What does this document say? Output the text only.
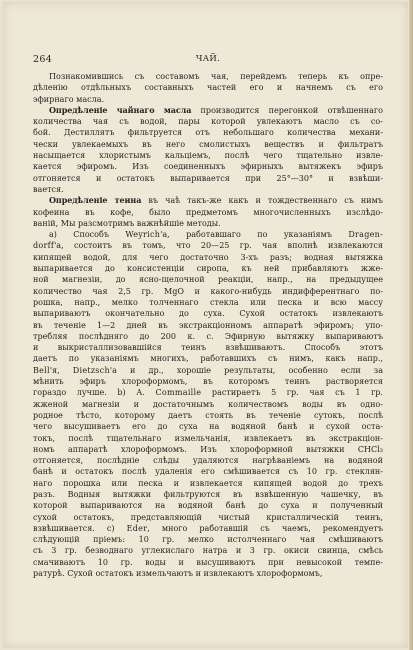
264	ЧАЙ.
Познакомившись съ составомъ чая, перейдемъ теперь къ опре-
дѣленію отдѣльныхъ составныхъ частей его и начнемъ съ его
эфирнаго масла.
Опредѣленіе чайнаго масла производится перегонкой отвѣшеннаго
количества чая съ водой, пары которой увлекаютъ масло съ со-
бой. Дестиллятъ фильтруется отъ небольшаго количества механи-
чески увлекаемыхъ въ него смолистыхъ веществъ и фильтратъ
насыщается хлористымъ кальціемъ, послѣ чего тщательно извле-
кается эфиромъ. Изъ соединенныхъ эфирныхъ вытяжекъ эфиръ
отгоняется и остатокъ выпаривается при 25°—30° и взвѣши-
вается.
Опредѣленіе теина въ чаѣ такъ-же какъ и тождественнаго съ нимъ
кофеина въ кофе, было предметомъ многочисленныхъ изслѣдо-
ваній, Мы разсмотримъ важнѣйшіе методы.
а) Способъ Weyrich'а, работавшаго по указаніямъ Dragen-
dorff'а, состоитъ въ томъ, что 20—25 гр. чая вполнѣ извлекаются
кипящей водой, для чего достаточно 3-хъ разъ; водная вытяжка
выпаривается до консистенціи сиропа, къ ней прибавляютъ жже-
ной магнезіи, до ясно-щелочной реакціи, напр., на предыдущее
количество чая 2,5 гр. MgO и какого-нибудь индифферентнаго по-
рошка, напр., мелко толченнаго стекла или песка и всю массу
выпариваютъ окончательно до суха. Сухой остатокъ извлекаютъ
въ теченіе 1—2 дней въ экстракціонномъ аппаратѣ эфиромъ; упо-
требляя послѣдняго до 200 к. с. Эфирную вытяжку выпариваютъ
и выкристаллизовавшійся теинъ взвѣшиваютъ. Способъ этотъ
даетъ по указаніямъ многихъ, работавшихъ съ нимъ, какъ напр.,
Bell'я, Dietzsch'а и др., хорошіе результаты, особенно если за
мѣнить эфиръ хлороформомъ, въ которомъ теинъ растворяется
гораздо лучше. b) А. Commaille растираетъ 5 гр. чая съ 1 гр.
жженой магнезіи и достаточнымъ количествомъ воды въ одно-
родное тѣсто, которому даетъ стоять въ теченіе сутокъ, послѣ
чего высушиваетъ его до суха на водяной банѣ и сухой оста-
токъ, послѣ тщательнаго измельчанія, извлекаетъ въ экстракціон-
номъ аппаратѣ хлороформомъ. Изъ хлороформной вытяжки CHCl₃
отгоняется, послѣдніе слѣды удаляются нагрѣваніемъ на водяной
банѣ и остатокъ послѣ удаленія его смѣшивается съ 10 гр. стеклян-
наго порошка или песка и извлекается кипящей водой до трехъ
разъ. Водныя вытяжки фильтруются въ взвѣшенную чашечку, въ
которой выпариваются на водяной банѣ до суха и полученный
сухой остатокъ, представляющій чистый кристаллическій теинъ,
взвѣшивается. с) Eder, много работавшій съ чаемъ, рекомендуетъ
слѣдующій пріемъ: 10 гр. мелко истолченнаго чая смѣшиваютъ
съ 3 гр. безводнаго углекислаго натра и 3 гр. окиси свинца, смѣсь
смачиваютъ 10 гр. воды и высушиваютъ при невысокой темпе-
ратурѣ. Сухой остатокъ измельчаютъ и извлекаютъ хлороформомъ,
